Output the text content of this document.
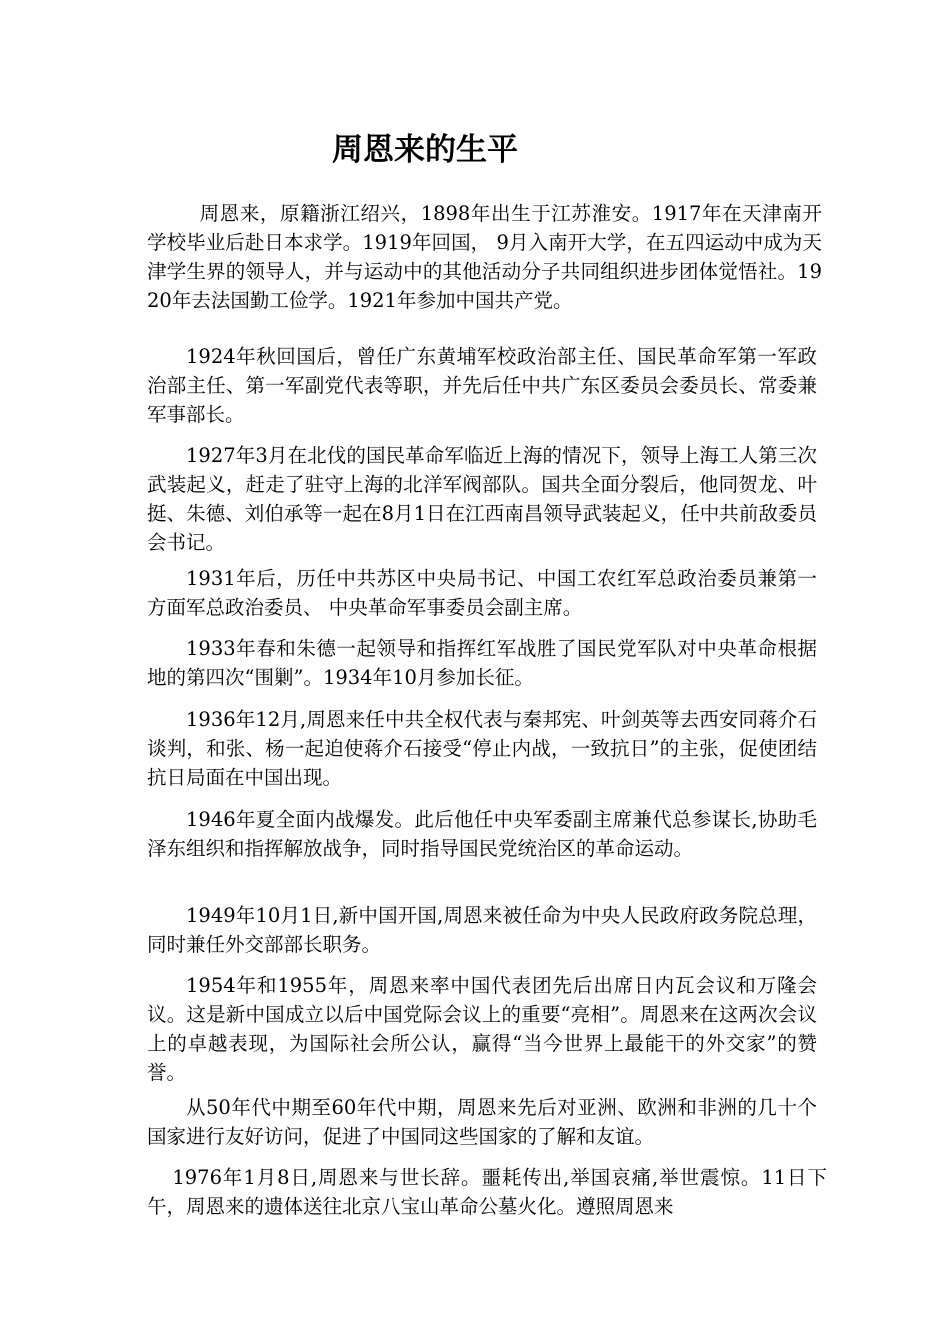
周恩来的生平

周恩来，原籍浙江绍兴，1898年出生于江苏淮安。1917年在天津南开学校毕业后赴日本求学。1919年回国， 9月入南开大学，在五四运动中成为天津学生界的领导人，并与运动中的其他活动分子共同组织进步团体觉悟社。1920年去法国勤工俭学。1921年参加中国共产党。

1924年秋回国后，曾任广东黄埔军校政治部主任、国民革命军第一军政治部主任、第一军副党代表等职，并先后任中共广东区委员会委员长、常委兼军事部长。

1927年3月在北伐的国民革命军临近上海的情况下，领导上海工人第三次武装起义，赶走了驻守上海的北洋军阀部队。国共全面分裂后，他同贺龙、叶挺、朱德、刘伯承等一起在8月1日在江西南昌领导武装起义，任中共前敌委员会书记。

1931年后，历任中共苏区中央局书记、中国工农红军总政治委员兼第一方面军总政治委员、 中央革命军事委员会副主席。

1933年春和朱德一起领导和指挥红军战胜了国民党军队对中央革命根据地的第四次“围剿”。1934年10月参加长征。

1936年12月,周恩来任中共全权代表与秦邦宪、叶剑英等去西安同蒋介石谈判，和张、杨一起迫使蒋介石接受“停止内战，一致抗日”的主张，促使团结抗日局面在中国出现。

1946年夏全面内战爆发。此后他任中央军委副主席兼代总参谋长,协助毛泽东组织和指挥解放战争，同时指导国民党统治区的革命运动。

1949年10月1日,新中国开国,周恩来被任命为中央人民政府政务院总理，同时兼任外交部部长职务。

1954年和1955年，周恩来率中国代表团先后出席日内瓦会议和万隆会议。这是新中国成立以后中国党际会议上的重要“亮相”。周恩来在这两次会议上的卓越表现，为国际社会所公认，赢得“当今世界上最能干的外交家”的赞誉。

从50年代中期至60年代中期，周恩来先后对亚洲、欧洲和非洲的几十个国家进行友好访问，促进了中国同这些国家的了解和友谊。

1976年1月8日,周恩来与世长辞。噩耗传出,举国哀痛,举世震惊。11日下午，周恩来的遗体送往北京八宝山革命公墓火化。遵照周恩来
